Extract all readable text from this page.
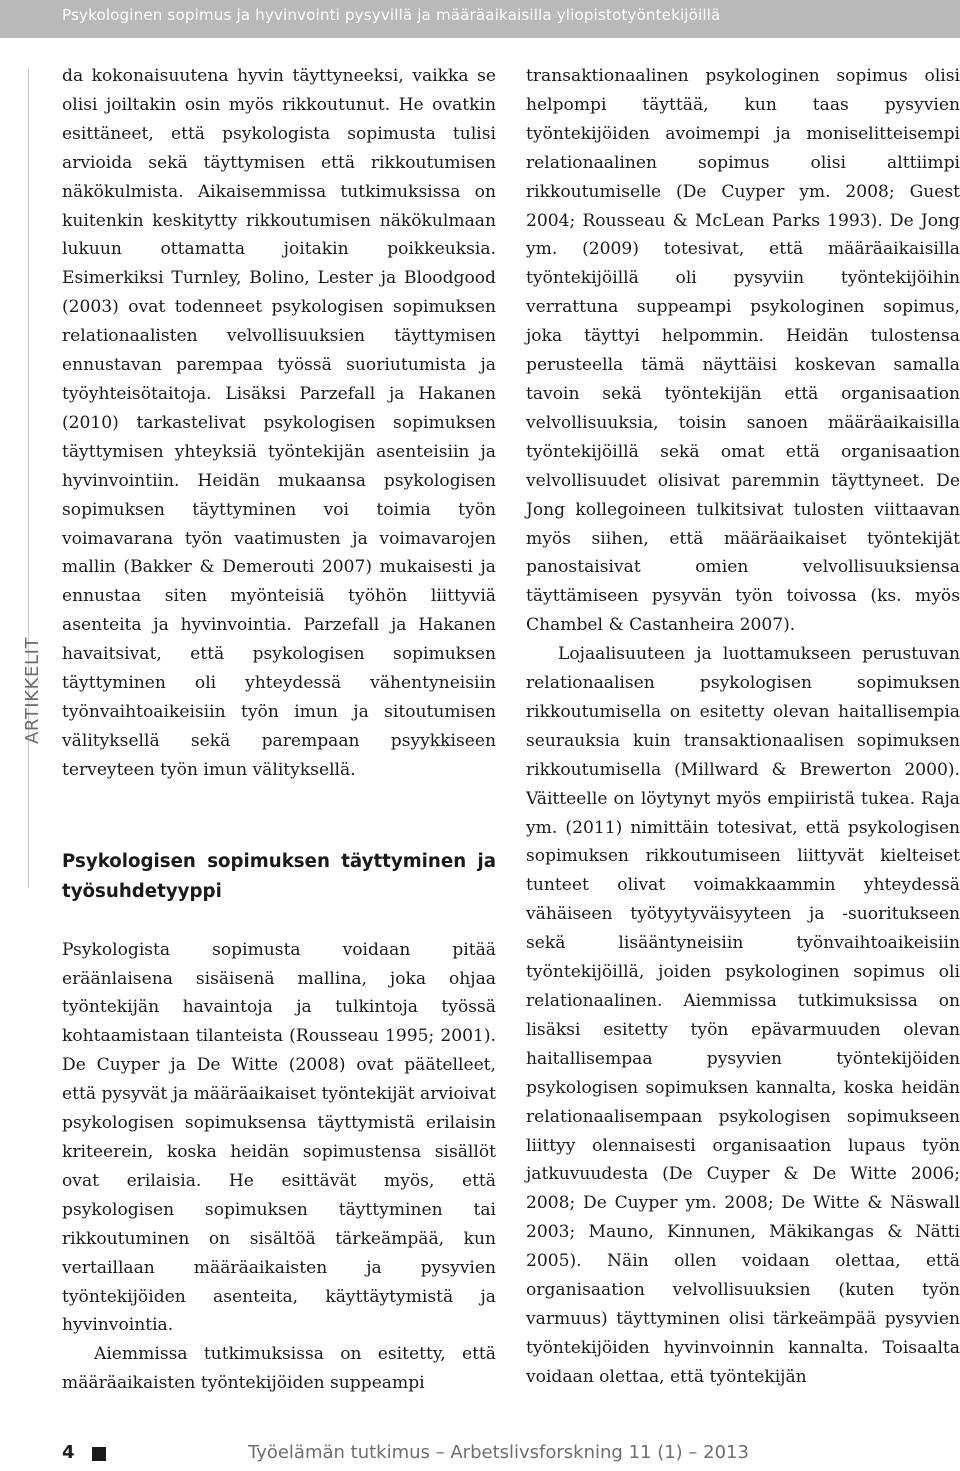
Psykologinen sopimus ja hyvinvointi pysyvillä ja määräaikaisilla yliopistotyöntekijöillä
ARTIKKELIT

da kokonaisuutena hyvin täyttyneeksi, vaikka se olisi joiltakin osin myös rikkoutunut. He ovatkin esittäneet, että psykologista sopimusta tulisi arvioida sekä täyttymisen että rikkoutumisen näkökulmista. Aikaisemmissa tutkimuksissa on kuitenkin keskitytty rikkoutumisen näkökulmaan lukuun ottamatta joitakin poikkeuksia. Esimerkiksi Turnley, Bolino, Lester ja Bloodgood (2003) ovat todenneet psykologisen sopimuksen relationaalisten velvollisuuksien täyttymisen ennustavan parempaa työssä suoriutumista ja työyhteisötaitoja. Lisäksi Parzefall ja Hakanen (2010) tarkastelivat psykologisen sopimuksen täyttymisen yhteyksiä työntekijän asenteisiin ja hyvinvointiin. Heidän mukaansa psykologisen sopimuksen täyttyminen voi toimia työn voimavarana työn vaatimusten ja voimavarojen mallin (Bakker & Demerouti 2007) mukaisesti ja ennustaa siten myönteisiä työhön liittyviä asenteita ja hyvinvointia. Parzefall ja Hakanen havaitsivat, että psykologisen sopimuksen täyttyminen oli yhteydessä vähentyneisiin työnvaihtoaikeisiin työn imun ja sitoutumisen välityksellä sekä parempaan psyykkiseen terveyteen työn imun välityksellä.

Psykologisen sopimuksen täyttyminen ja työsuhdetyyppi

Psykologista sopimusta voidaan pitää eräänlaisena sisäisenä mallina, joka ohjaa työntekijän havaintoja ja tulkintoja työssä kohtaamistaan tilanteista (Rousseau 1995; 2001). De Cuyper ja De Witte (2008) ovat päätelleet, että pysyvät ja määräaikaiset työntekijät arvioivat psykologisen sopimuksensa täyttymistä erilaisin kriteerein, koska heidän sopimustensa sisällöt ovat erilaisia. He esittävät myös, että psykologisen sopimuksen täyttyminen tai rikkoutuminen on sisältöä tärkeämpää, kun vertaillaan määräaikaisten ja pysyvien työntekijöiden asenteita, käyttäytymistä ja hyvinvointia.

Aiemmissa tutkimuksissa on esitetty, että määräaikaisten työntekijöiden suppeampi

transaktionaalinen psykologinen sopimus olisi helpompi täyttää, kun taas pysyvien työntekijöiden avoimempi ja moniselitteisempi relationaalinen sopimus olisi alttiimpi rikkoutumiselle (De Cuyper ym. 2008; Guest 2004; Rousseau & McLean Parks 1993). De Jong ym. (2009) totesivat, että määräaikaisilla työntekijöillä oli pysyviin työntekijöihin verrattuna suppeampi psykologinen sopimus, joka täyttyi helpommin. Heidän tulostensa perusteella tämä näyttäisi koskevan samalla tavoin sekä työntekijän että organisaation velvollisuuksia, toisin sanoen määräaikaisilla työntekijöillä sekä omat että organisaation velvollisuudet olisivat paremmin täyttyneet. De Jong kollegoineen tulkitsivat tulosten viittaavan myös siihen, että määräaikaiset työntekijät panostaisivat omien velvollisuuksiensa täyttämiseen pysyvän työn toivossa (ks. myös Chambel & Castanheira 2007).

Lojaalisuuteen ja luottamukseen perustuvan relationaalisen psykologisen sopimuksen rikkoutumisella on esitetty olevan haitallisempia seurauksia kuin transaktionaalisen sopimuksen rikkoutumisella (Millward & Brewerton 2000). Väitteelle on löytynyt myös empiiristä tukea. Raja ym. (2011) nimittäin totesivat, että psykologisen sopimuksen rikkoutumiseen liittyvät kielteiset tunteet olivat voimakkaammin yhteydessä vähäiseen työtyytyväisyyteen ja -suoritukseen sekä lisääntyneisiin työnvaihtoaikeisiin työntekijöillä, joiden psykologinen sopimus oli relationaalinen. Aiemmissa tutkimuksissa on lisäksi esitetty työn epävarmuuden olevan haitallisempaa pysyvien työntekijöiden psykologisen sopimuksen kannalta, koska heidän relationaalisempaan psykologisen sopimukseen liittyy olennaisesti organisaation lupaus työn jatkuvuudesta (De Cuyper & De Witte 2006; 2008; De Cuyper ym. 2008; De Witte & Näswall 2003; Mauno, Kinnunen, Mäkikangas & Nätti 2005). Näin ollen voidaan olettaa, että organisaation velvollisuuksien (kuten työn varmuus) täyttyminen olisi tärkeämpää pysyvien työntekijöiden hyvinvoinnin kannalta. Toisaalta voidaan olettaa, että työntekijän

4	Työelämän tutkimus – Arbetslivsforskning 11 (1) – 2013
